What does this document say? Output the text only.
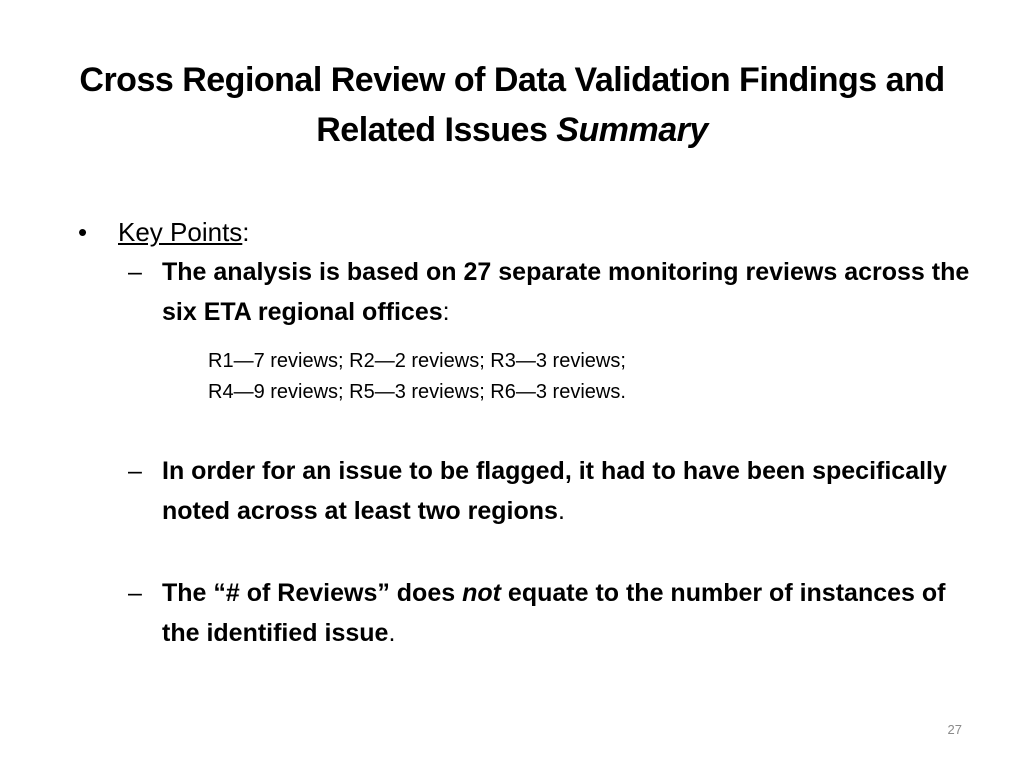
Cross Regional Review of Data Validation Findings and
Related Issues Summary
• Key Points:
– The analysis is based on 27 separate monitoring reviews across the six ETA regional offices:
R1—7 reviews; R2—2 reviews; R3—3 reviews;
R4—9 reviews; R5—3 reviews; R6—3 reviews.
– In order for an issue to be flagged, it had to have been specifically noted across at least two regions.
– The “# of Reviews” does not equate to the number of instances of the identified issue.
27
